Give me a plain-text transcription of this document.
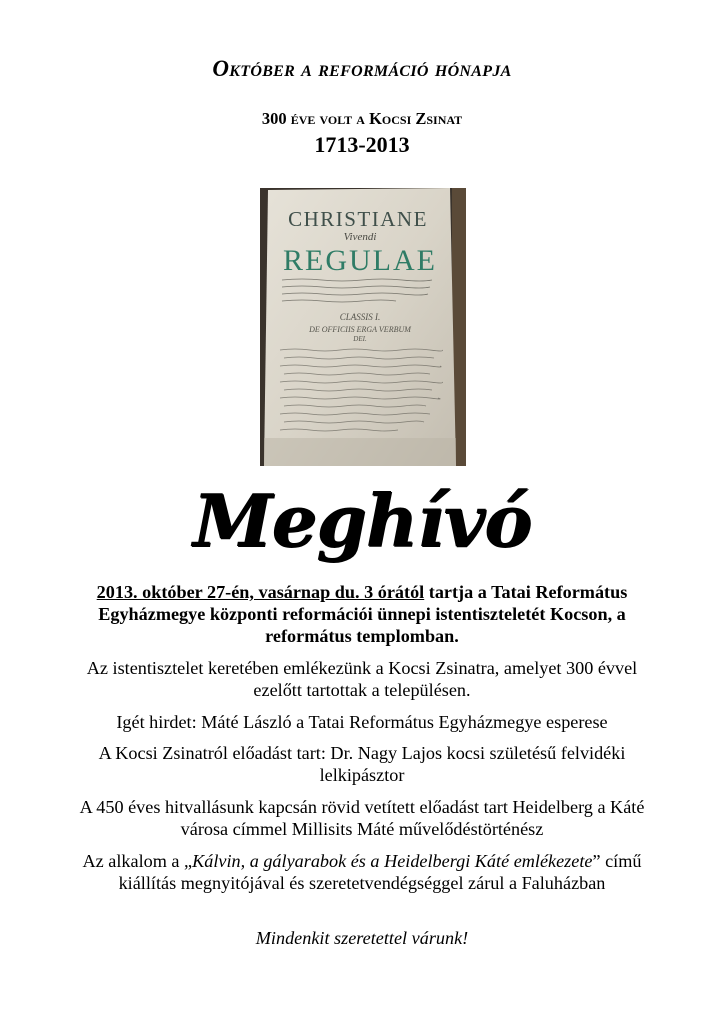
Október a reformáció hónapja
300 éve volt a Kocsi Zsinat
1713-2013
CHRISTIANE
Vivendi
REGULAE
CLASSIS I.
DE OFFICIIS ERGA VERBUM
DEI.
Meghívó
2013. október 27-én, vasárnap du. 3 órától tartja a Tatai Református Egyházmegye központi reformációi ünnepi istentiszteletét Kocson, a református templomban.
Az istentisztelet keretében emlékezünk a Kocsi Zsinatra, amelyet 300 évvel ezelőtt tartottak a településen.
Igét hirdet: Máté László a Tatai Református Egyházmegye esperese
A Kocsi Zsinatról előadást tart: Dr. Nagy Lajos kocsi születésű felvidéki lelkipásztor
A 450 éves hitvallásunk kapcsán rövid vetített előadást tart Heidelberg a Káté városa címmel Millisits Máté művelődéstörténész
Az alkalom a „Kálvin, a gályarabok és a Heidelbergi Káté emlékezete” című kiállítás megnyitójával és szeretetvendégséggel zárul a Faluházban
Mindenkit szeretettel várunk!
